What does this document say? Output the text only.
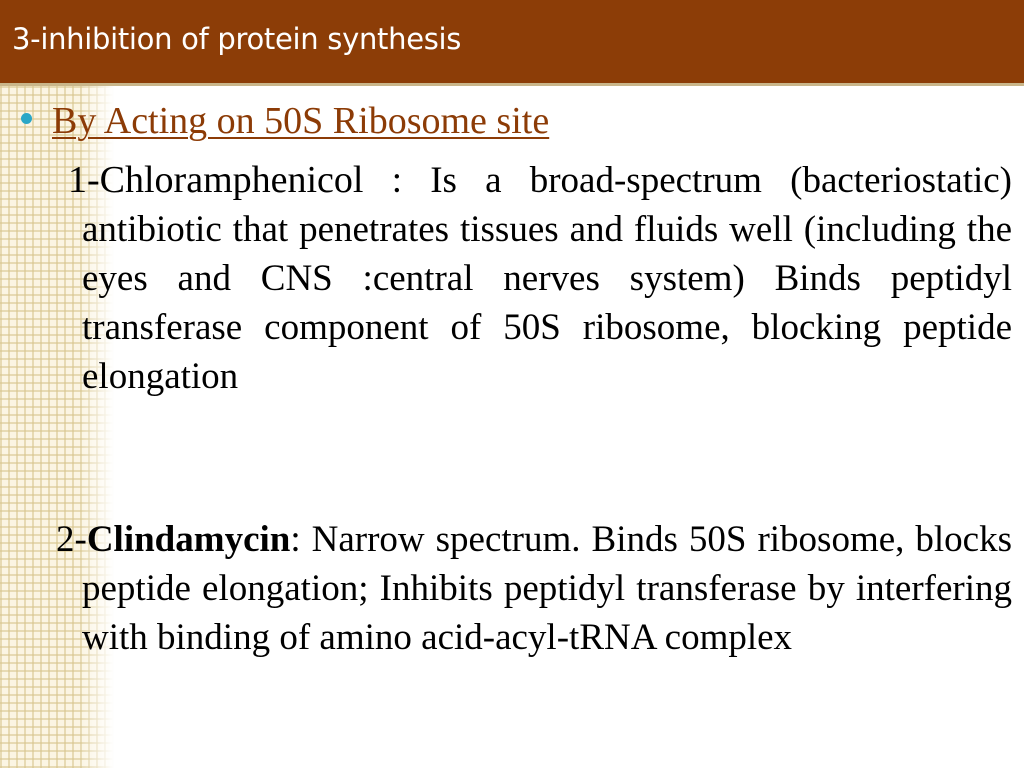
3-inhibition of protein synthesis
By Acting on 50S Ribosome site
1-Chloramphenicol : Is a broad-spectrum (bacteriostatic) antibiotic that penetrates tissues and fluids well (including the eyes and CNS :central nerves system) Binds peptidyl transferase component of 50S ribosome, blocking peptide elongation
2-Clindamycin: Narrow spectrum. Binds 50S ribosome, blocks peptide elongation; Inhibits peptidyl transferase by interfering with binding of amino acid-acyl-tRNA complex
